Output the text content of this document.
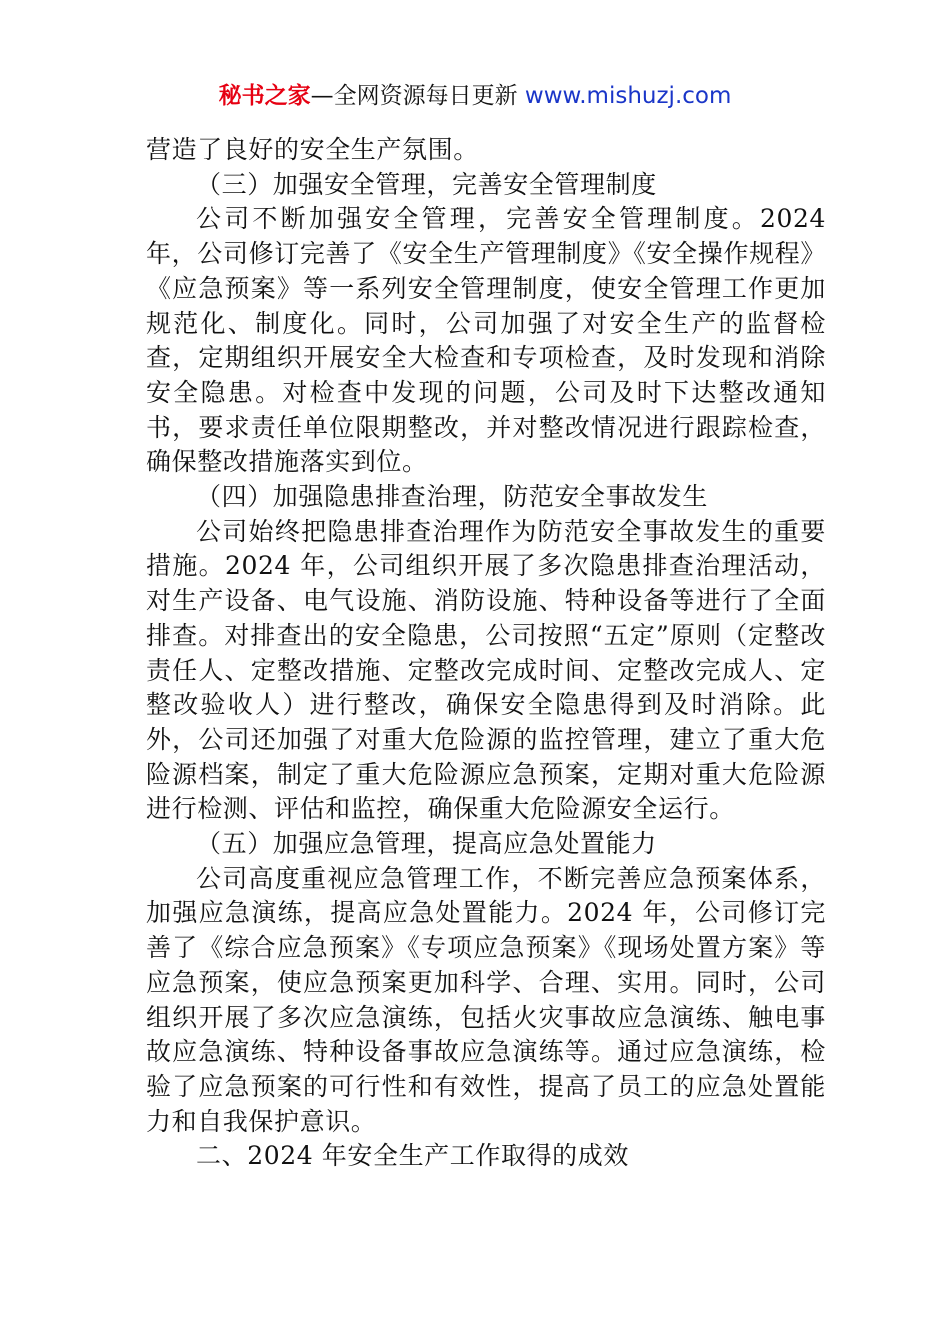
秘书之家—全网资源每日更新 www.mishuzj.com

营造了良好的安全生产氛围。

（三）加强安全管理，完善安全管理制度

公司不断加强安全管理，完善安全管理制度。2024 年，公司修订完善了《安全生产管理制度》《安全操作规程》《应急预案》等一系列安全管理制度，使安全管理工作更加规范化、制度化。同时，公司加强了对安全生产的监督检查，定期组织开展安全大检查和专项检查，及时发现和消除安全隐患。对检查中发现的问题，公司及时下达整改通知书，要求责任单位限期整改，并对整改情况进行跟踪检查，确保整改措施落实到位。

（四）加强隐患排查治理，防范安全事故发生

公司始终把隐患排查治理作为防范安全事故发生的重要措施。2024 年，公司组织开展了多次隐患排查治理活动，对生产设备、电气设施、消防设施、特种设备等进行了全面排查。对排查出的安全隐患，公司按照“五定”原则（定整改责任人、定整改措施、定整改完成时间、定整改完成人、定整改验收人）进行整改，确保安全隐患得到及时消除。此外，公司还加强了对重大危险源的监控管理，建立了重大危险源档案，制定了重大危险源应急预案，定期对重大危险源进行检测、评估和监控，确保重大危险源安全运行。

（五）加强应急管理，提高应急处置能力

公司高度重视应急管理工作，不断完善应急预案体系，加强应急演练，提高应急处置能力。2024 年，公司修订完善了《综合应急预案》《专项应急预案》《现场处置方案》等应急预案，使应急预案更加科学、合理、实用。同时，公司组织开展了多次应急演练，包括火灾事故应急演练、触电事故应急演练、特种设备事故应急演练等。通过应急演练，检验了应急预案的可行性和有效性，提高了员工的应急处置能力和自我保护意识。

二、2024 年安全生产工作取得的成效
